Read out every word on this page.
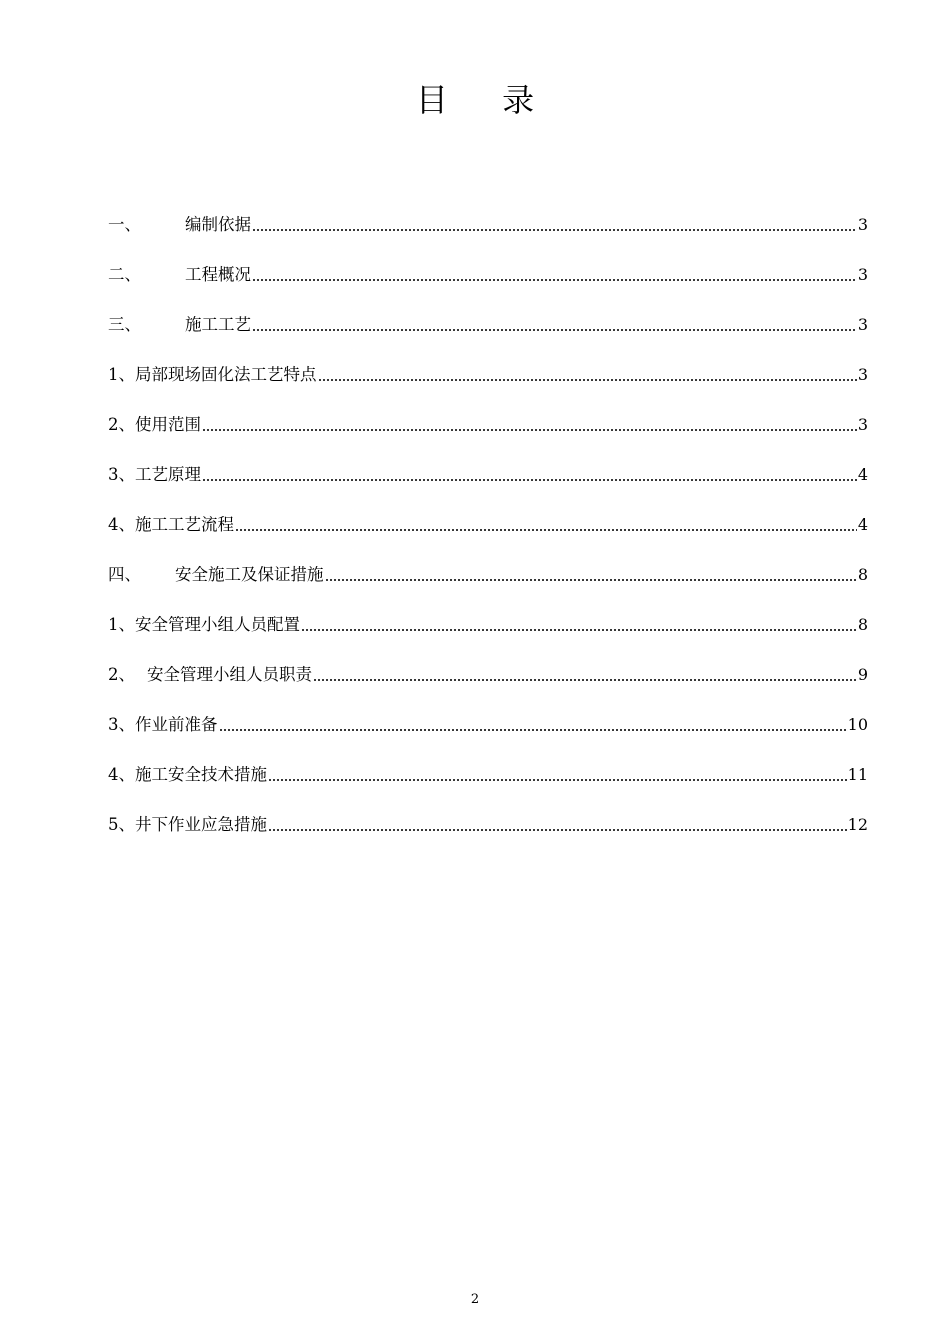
目 录
一、	编制依据	3
二、	工程概况	3
三、	施工工艺	3
1、 局部现场固化法工艺特点	3
2、 使用范围	3
3、 工艺原理	4
4、 施工工艺流程	4
四、 安全施工及保证措施	8
1、 安全管理小组人员配置	8
2、 安全管理小组人员职责	9
3、 作业前准备	10
4、 施工安全技术措施	11
5、 井下作业应急措施	12
2
